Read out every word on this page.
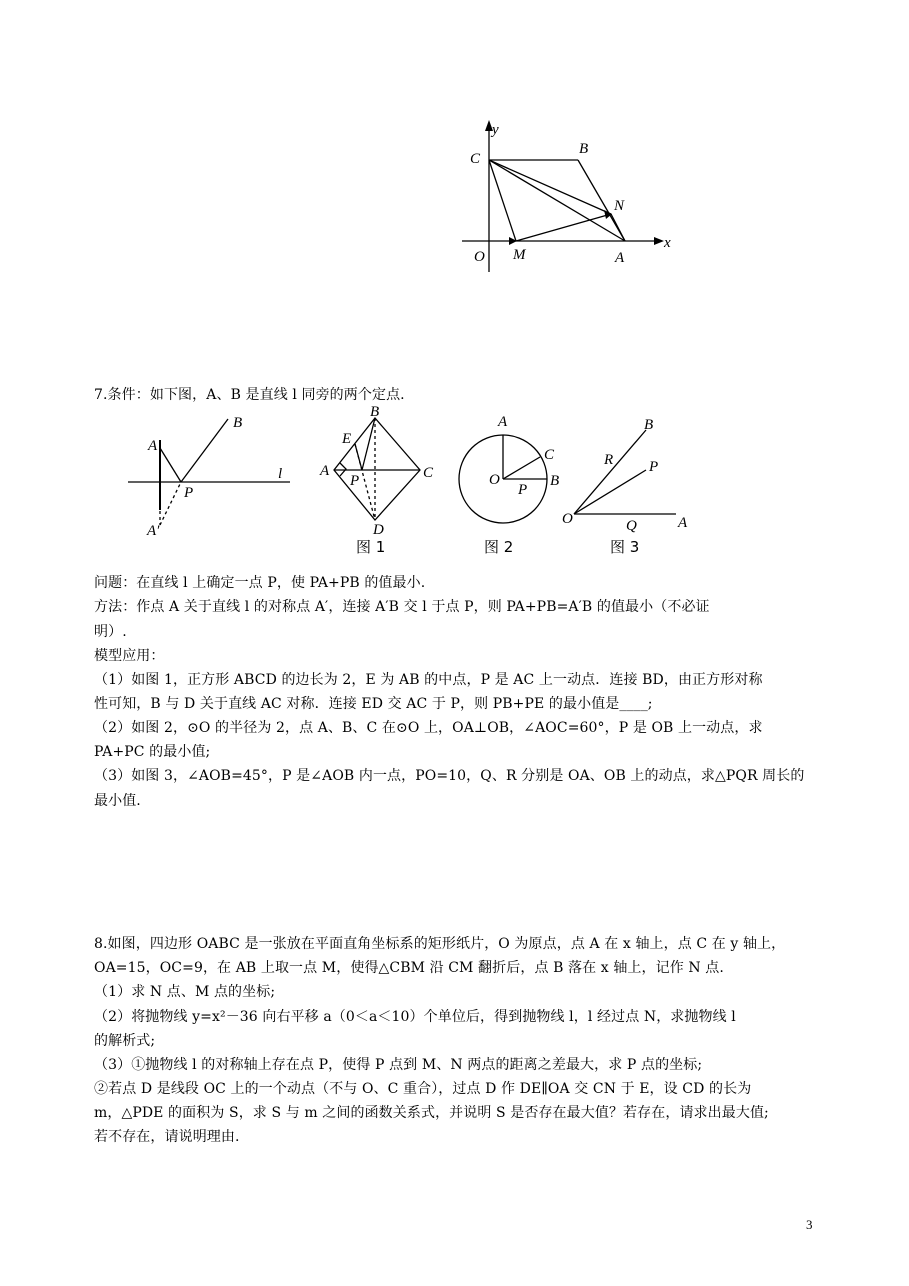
y
x
C
B
N
O M	A
A
B
l
P
A′
B
E
A
P	C
D
图 1
A
C
O
P
B
图 2
B
R P
O	Q	A
图 3
7.条件：如下图，A、B 是直线 l 同旁的两个定点.
问题：在直线 l 上确定一点 P，使 PA+PB 的值最小.
方法：作点 A 关于直线 l 的对称点 A′，连接 A′B 交 l 于点 P，则 PA+PB=A′B 的值最小（不必证
明）.
模型应用：
（1）如图 1，正方形 ABCD 的边长为 2，E 为 AB 的中点，P 是 AC 上一动点．连接 BD，由正方形对称
性可知，B 与 D 关于直线 AC 对称．连接 ED 交 AC 于 P，则 PB+PE 的最小值是____;
（2）如图 2，⊙O 的半径为 2，点 A、B、C 在⊙O 上，OA⊥OB，∠AOC=60°，P 是 OB 上一动点，求
PA+PC 的最小值;
（3）如图 3，∠AOB=45°，P 是∠AOB 内一点，PO=10，Q、R 分别是 OA、OB 上的动点，求△PQR 周长的
最小值.
8.如图，四边形 OABC 是一张放在平面直角坐标系的矩形纸片，O 为原点，点 A 在 x 轴上，点 C 在 y 轴上，
OA=15，OC=9，在 AB 上取一点 M，使得△CBM 沿 CM 翻折后，点 B 落在 x 轴上，记作 N 点.
（1）求 N 点、M 点的坐标;
（2）将抛物线 y=x²－36 向右平移 a（0＜a＜10）个单位后，得到抛物线 l，l 经过点 N，求抛物线 l
的解析式;
（3）①抛物线 l 的对称轴上存在点 P，使得 P 点到 M、N 两点的距离之差最大，求 P 点的坐标;
②若点 D 是线段 OC 上的一个动点（不与 O、C 重合），过点 D 作 DE∥OA 交 CN 于 E，设 CD 的长为
m，△PDE 的面积为 S，求 S 与 m 之间的函数关系式，并说明 S 是否存在最大值？若存在，请求出最大值;
若不存在，请说明理由.
3
